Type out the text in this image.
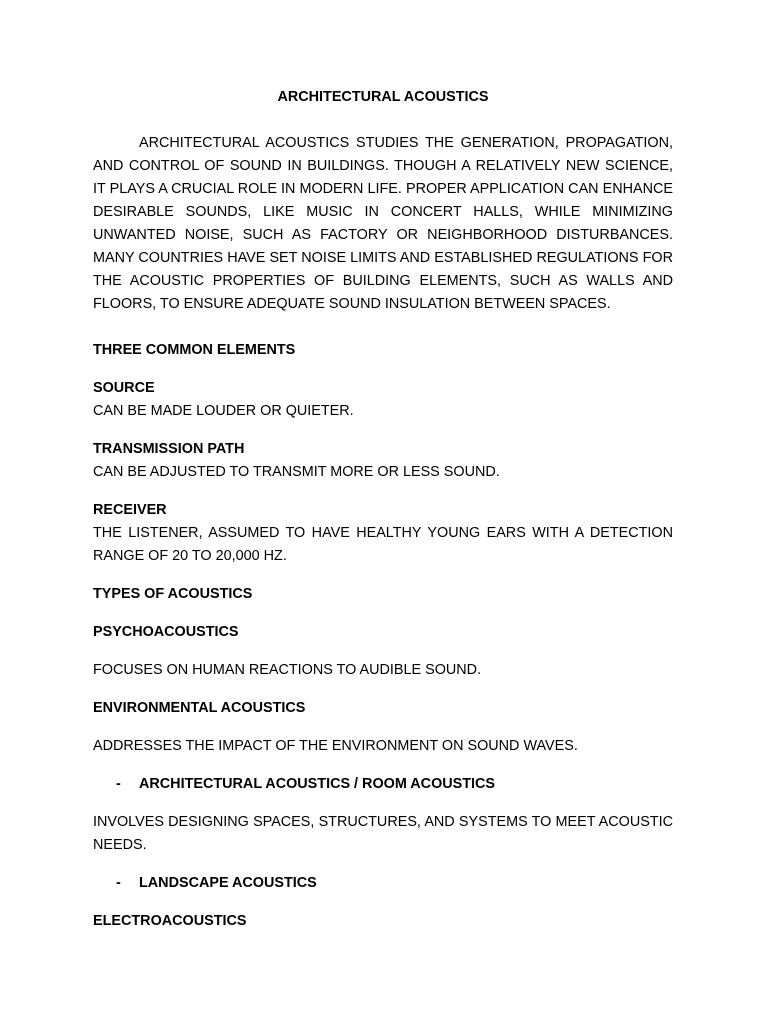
ARCHITECTURAL ACOUSTICS

ARCHITECTURAL ACOUSTICS STUDIES THE GENERATION, PROPAGATION, AND CONTROL OF SOUND IN BUILDINGS. THOUGH A RELATIVELY NEW SCIENCE, IT PLAYS A CRUCIAL ROLE IN MODERN LIFE. PROPER APPLICATION CAN ENHANCE DESIRABLE SOUNDS, LIKE MUSIC IN CONCERT HALLS, WHILE MINIMIZING UNWANTED NOISE, SUCH AS FACTORY OR NEIGHBORHOOD DISTURBANCES. MANY COUNTRIES HAVE SET NOISE LIMITS AND ESTABLISHED REGULATIONS FOR THE ACOUSTIC PROPERTIES OF BUILDING ELEMENTS, SUCH AS WALLS AND FLOORS, TO ENSURE ADEQUATE SOUND INSULATION BETWEEN SPACES.

THREE COMMON ELEMENTS

SOURCE

CAN BE MADE LOUDER OR QUIETER.

TRANSMISSION PATH

CAN BE ADJUSTED TO TRANSMIT MORE OR LESS SOUND.

RECEIVER

THE LISTENER, ASSUMED TO HAVE HEALTHY YOUNG EARS WITH A DETECTION RANGE OF 20 TO 20,000 HZ.

TYPES OF ACOUSTICS

PSYCHOACOUSTICS

FOCUSES ON HUMAN REACTIONS TO AUDIBLE SOUND.

ENVIRONMENTAL ACOUSTICS

ADDRESSES THE IMPACT OF THE ENVIRONMENT ON SOUND WAVES.

-	ARCHITECTURAL ACOUSTICS / ROOM ACOUSTICS

INVOLVES DESIGNING SPACES, STRUCTURES, AND SYSTEMS TO MEET ACOUSTIC NEEDS.

-	LANDSCAPE ACOUSTICS

ELECTROACOUSTICS
